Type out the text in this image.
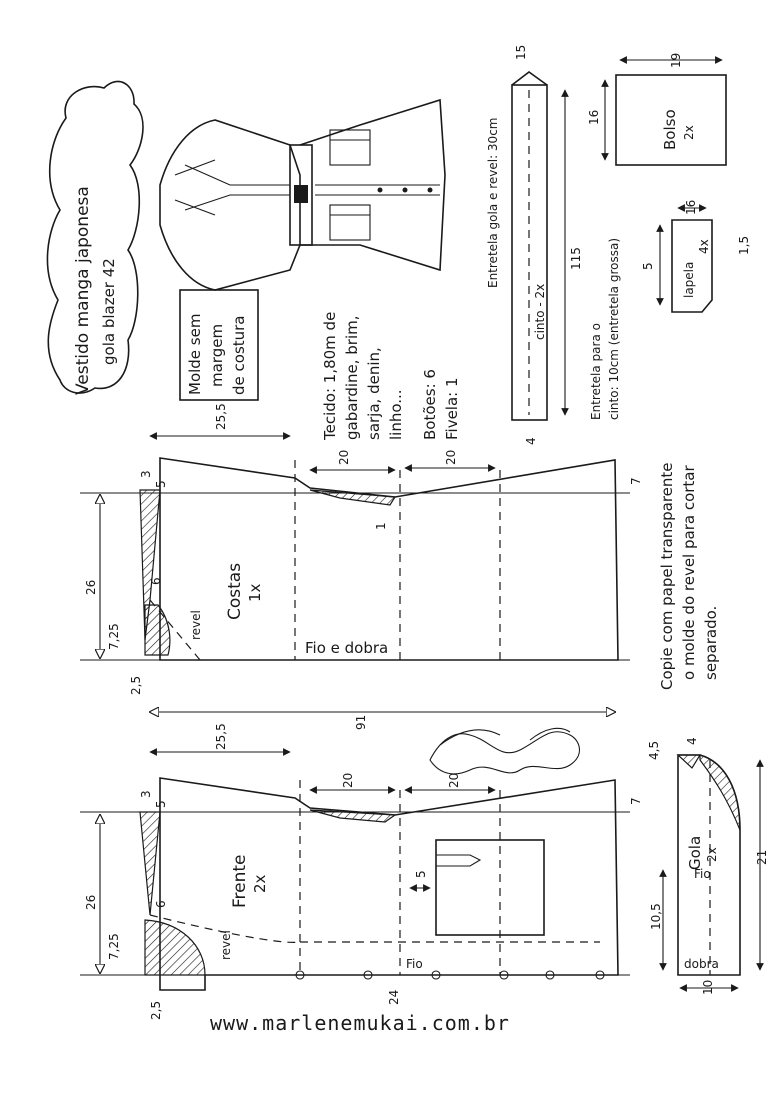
Vestido manga japonesa gola blazer 42	Molde sem margem de costura	Tecido: 1,80m de gabardine, brim, sarja, denin, linho... Botões: 6 Fivela: 1
Entretela gola e revel: 30cm
cinto - 2x
115
4
15
Entretela para o cinto: 10cm (entretela grossa)
19
16	Bolso 2x
5 lapela
4x
16
1,5
25,5
26
7,25
20	20
3
5
6
1
7
2,5
Costas 1x
revel
Fio e dobra
91
25,5
26
7,25
20	20
5
3
5
6
7
2,5
24
Frente 2x
revel
Fio
Copie com papel transparente o molde do revel para cortar separado.
21
10,5
10
4
4,5
Gola 2x
Fio
dobra
www.marlenemukai.com.br
